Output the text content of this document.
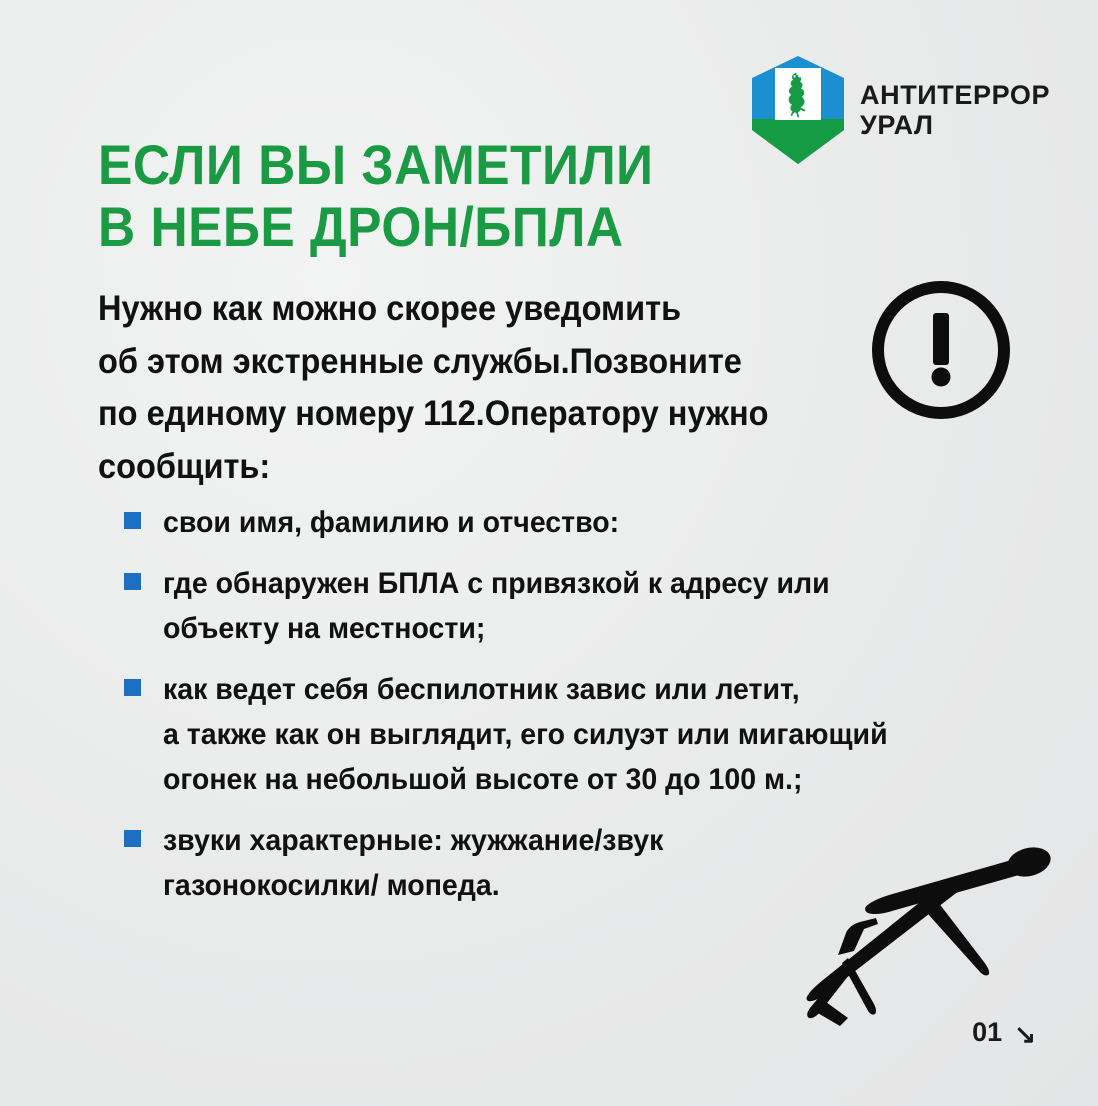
АНТИТЕРРОР
УРАЛ
ЕСЛИ ВЫ ЗАМЕТИЛИ
В НЕБЕ ДРОН/БПЛА
Нужно как можно скорее уведомить
об этом экстренные службы.Позвоните
по единому номеру 112.Оператору нужно
сообщить:
свои имя, фамилию и отчество:
где обнаружен БПЛА с привязкой к адресу или
объекту на местности;
как ведет себя беспилотник завис или летит,
а также как он выглядит, его силуэт или мигающий
огонек на небольшой высоте от 30 до 100 м.;
звуки характерные: жужжание/звук
газонокосилки/ мопеда.
01 ↘
